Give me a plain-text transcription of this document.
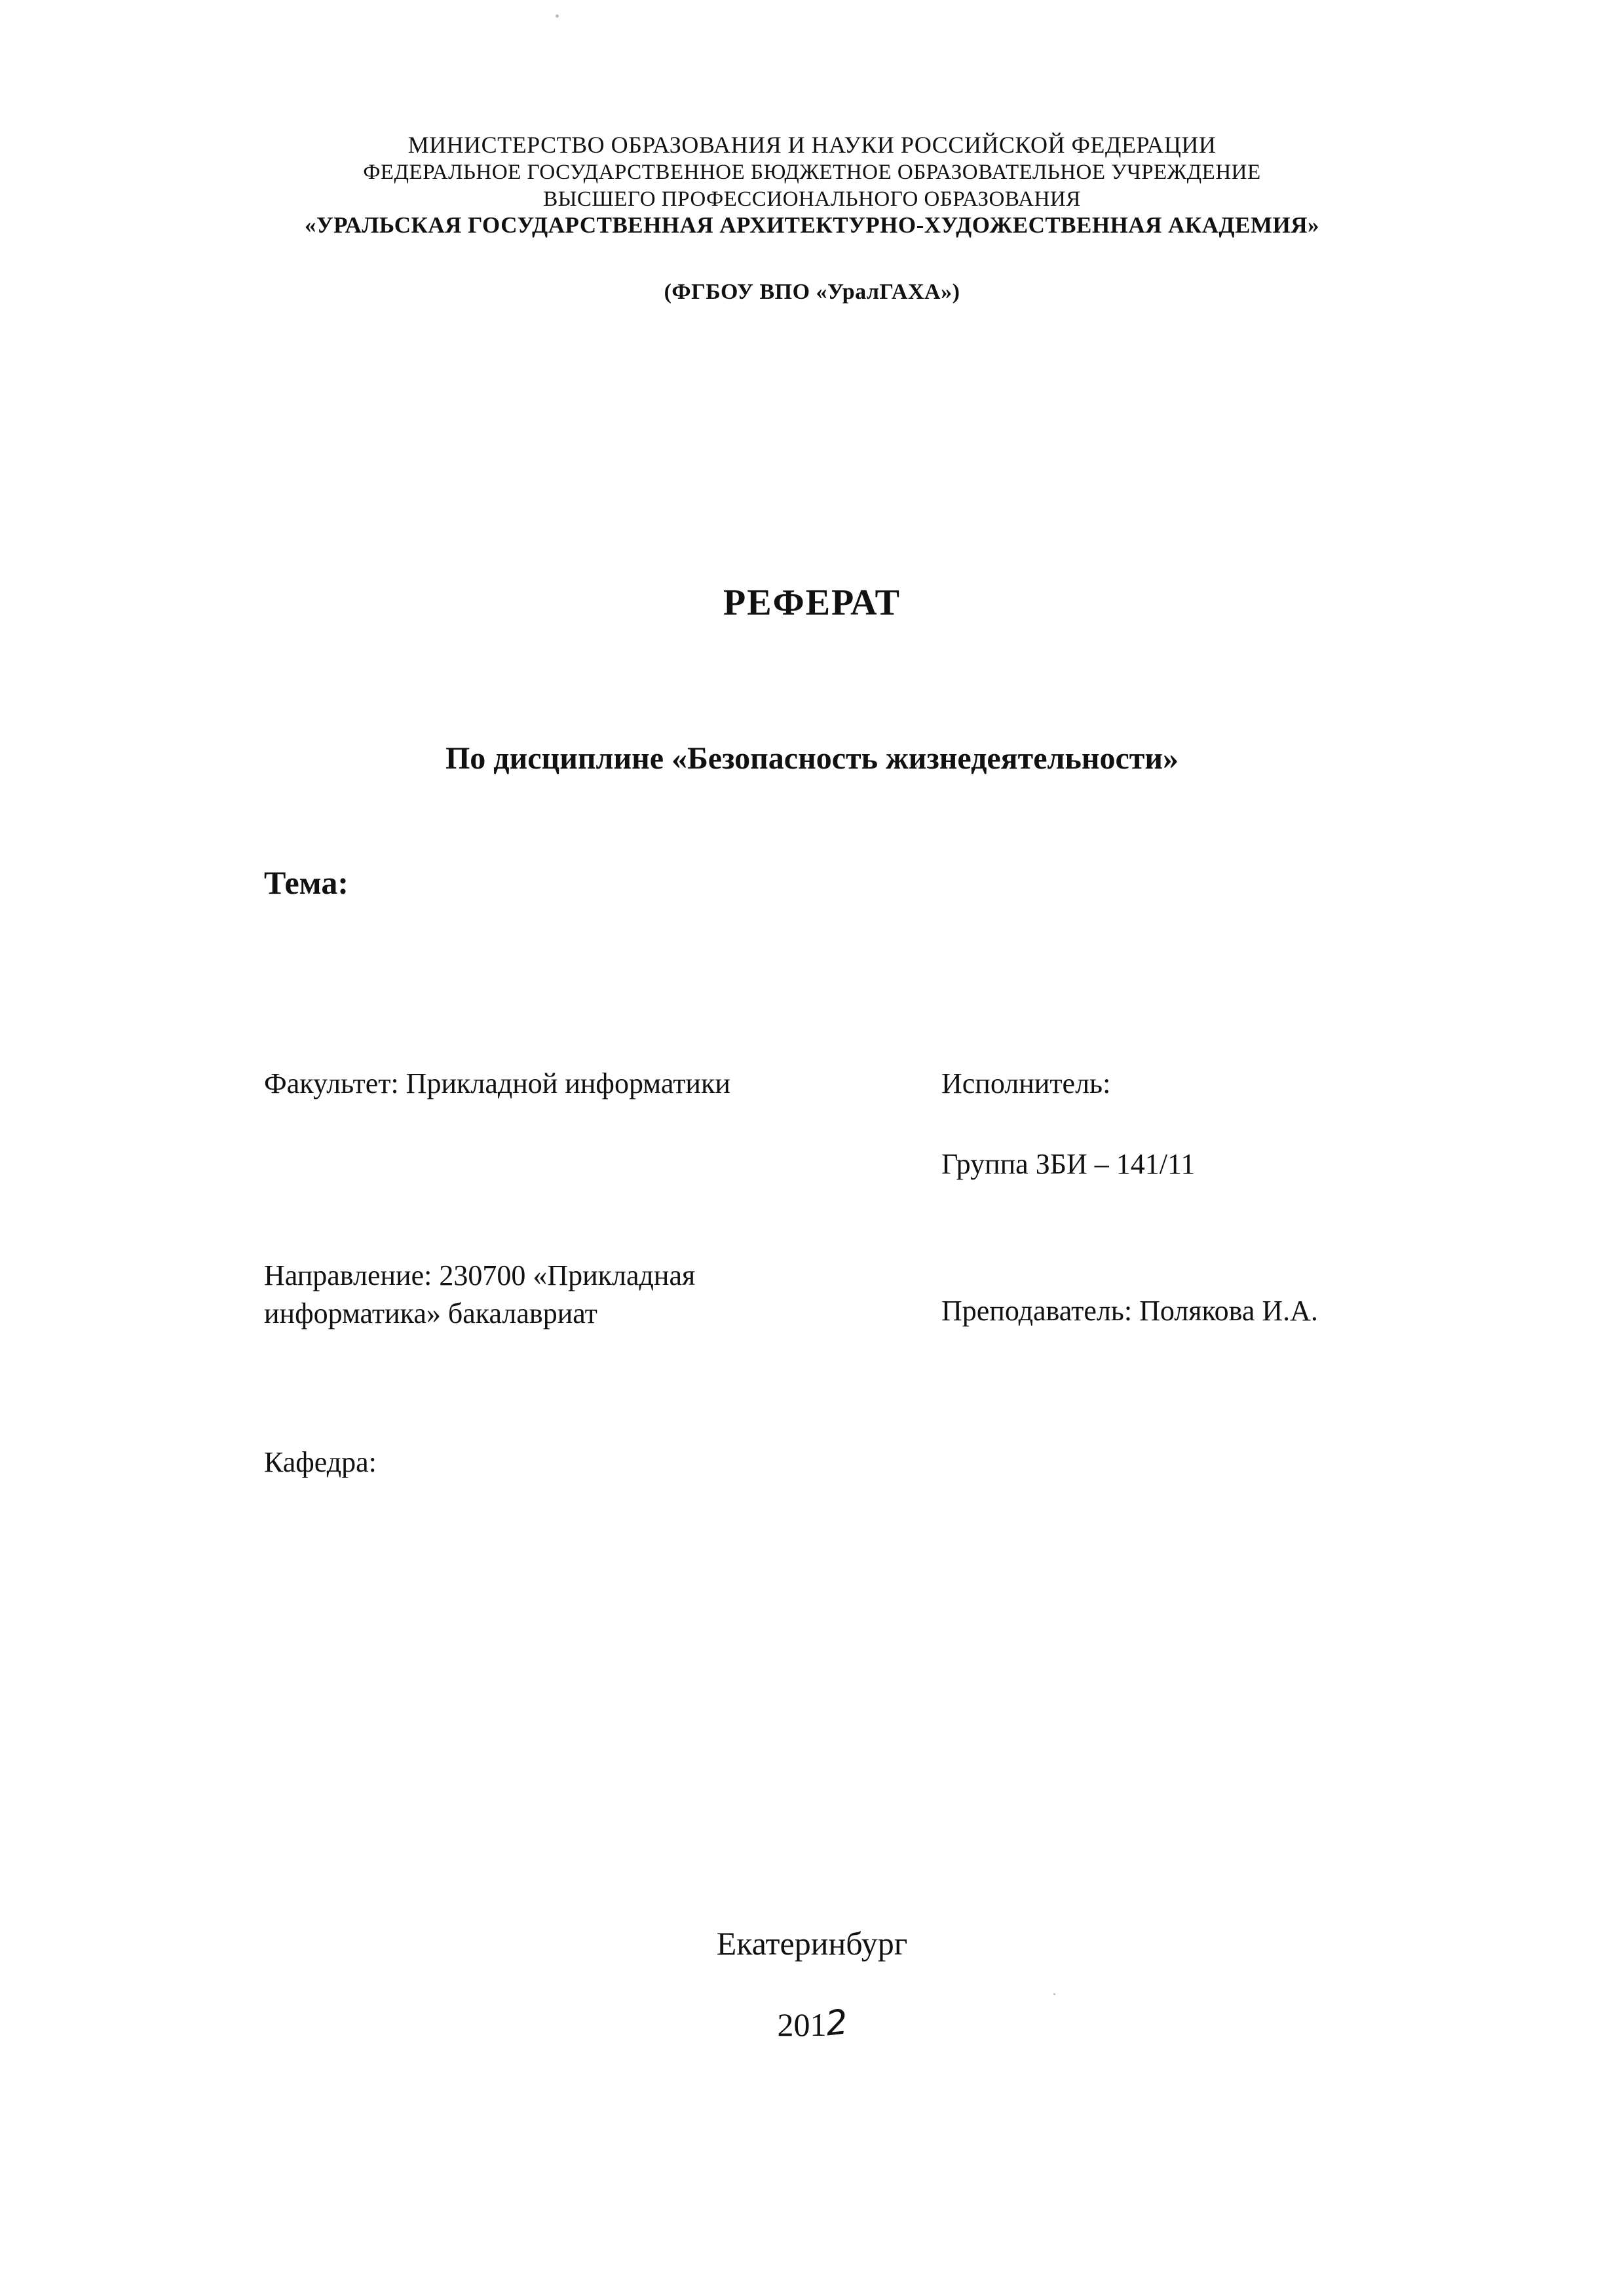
МИНИСТЕРСТВО ОБРАЗОВАНИЯ И НАУКИ РОССИЙСКОЙ ФЕДЕРАЦИИ
ФЕДЕРАЛЬНОЕ ГОСУДАРСТВЕННОЕ БЮДЖЕТНОЕ ОБРАЗОВАТЕЛЬНОЕ УЧРЕЖДЕНИЕ
ВЫСШЕГО ПРОФЕССИОНАЛЬНОГО ОБРАЗОВАНИЯ
«УРАЛЬСКАЯ ГОСУДАРСТВЕННАЯ АРХИТЕКТУРНО-ХУДОЖЕСТВЕННАЯ АКАДЕМИЯ»
(ФГБОУ ВПО «УралГАХА»)
РЕФЕРАТ
По дисциплине «Безопасность жизнедеятельности»
Тема:
Факультет: Прикладной информатики
Направление: 230700 «Прикладная
информатика» бакалавриат
Кафедра:
Исполнитель:
Группа ЗБИ – 141/11
Преподаватель: Полякова И.А.
Екатеринбург
2012
